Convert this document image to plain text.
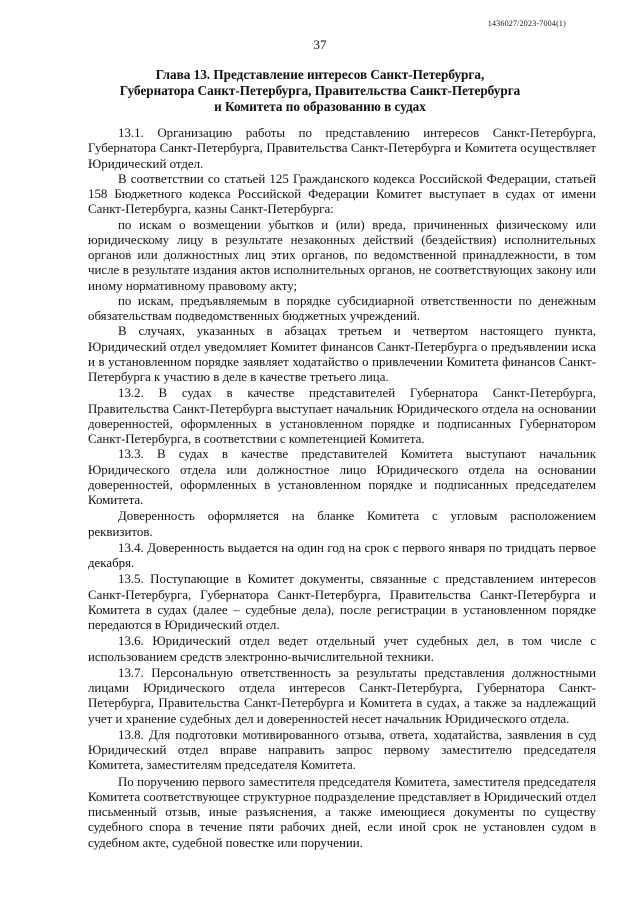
1436027/2023-7004(1)
37
Глава 13. Представление интересов Санкт-Петербурга,
Губернатора Санкт-Петербурга, Правительства Санкт-Петербурга
и Комитета по образованию в судах

13.1. Организацию работы по представлению интересов Санкт-Петербурга, Губернатора Санкт-Петербурга, Правительства Санкт-Петербурга и Комитета осуществляет Юридический отдел.

В соответствии со статьей 125 Гражданского кодекса Российской Федерации, статьей 158 Бюджетного кодекса Российской Федерации Комитет выступает в судах от имени Санкт-Петербурга, казны Санкт-Петербурга:

по искам о возмещении убытков и (или) вреда, причиненных физическому или юридическому лицу в результате незаконных действий (бездействия) исполнительных органов или должностных лиц этих органов, по ведомственной принадлежности, в том числе в результате издания актов исполнительных органов, не соответствующих закону или иному нормативному правовому акту;

по искам, предъявляемым в порядке субсидиарной ответственности по денежным обязательствам подведомственных бюджетных учреждений.

В случаях, указанных в абзацах третьем и четвертом настоящего пункта, Юридический отдел уведомляет Комитет финансов Санкт-Петербурга о предъявлении иска и в установленном порядке заявляет ходатайство о привлечении Комитета финансов Санкт-Петербурга к участию в деле в качестве третьего лица.

13.2. В судах в качестве представителей Губернатора Санкт-Петербурга, Правительства Санкт-Петербурга выступает начальник Юридического отдела на основании доверенностей, оформленных в установленном порядке и подписанных Губернатором Санкт-Петербурга, в соответствии с компетенцией Комитета.

13.3. В судах в качестве представителей Комитета выступают начальник Юридического отдела или должностное лицо Юридического отдела на основании доверенностей, оформленных в установленном порядке и подписанных председателем Комитета.

Доверенность оформляется на бланке Комитета с угловым расположением реквизитов.

13.4. Доверенность выдается на один год на срок с первого января по тридцать первое декабря.

13.5. Поступающие в Комитет документы, связанные с представлением интересов Санкт-Петербурга, Губернатора Санкт-Петербурга, Правительства Санкт-Петербурга и Комитета в судах (далее – судебные дела), после регистрации в установленном порядке передаются в Юридический отдел.

13.6. Юридический отдел ведет отдельный учет судебных дел, в том числе с использованием средств электронно-вычислительной техники.

13.7. Персональную ответственность за результаты представления должностными лицами Юридического отдела интересов Санкт-Петербурга, Губернатора Санкт-Петербурга, Правительства Санкт-Петербурга и Комитета в судах, а также за надлежащий учет и хранение судебных дел и доверенностей несет начальник Юридического отдела.

13.8. Для подготовки мотивированного отзыва, ответа, ходатайства, заявления в суд Юридический отдел вправе направить запрос первому заместителю председателя Комитета, заместителям председателя Комитета.

По поручению первого заместителя председателя Комитета, заместителя председателя Комитета соответствующее структурное подразделение представляет в Юридический отдел письменный отзыв, иные разъяснения, а также имеющиеся документы по существу судебного спора в течение пяти рабочих дней, если иной срок не установлен судом в судебном акте, судебной повестке или поручении.
